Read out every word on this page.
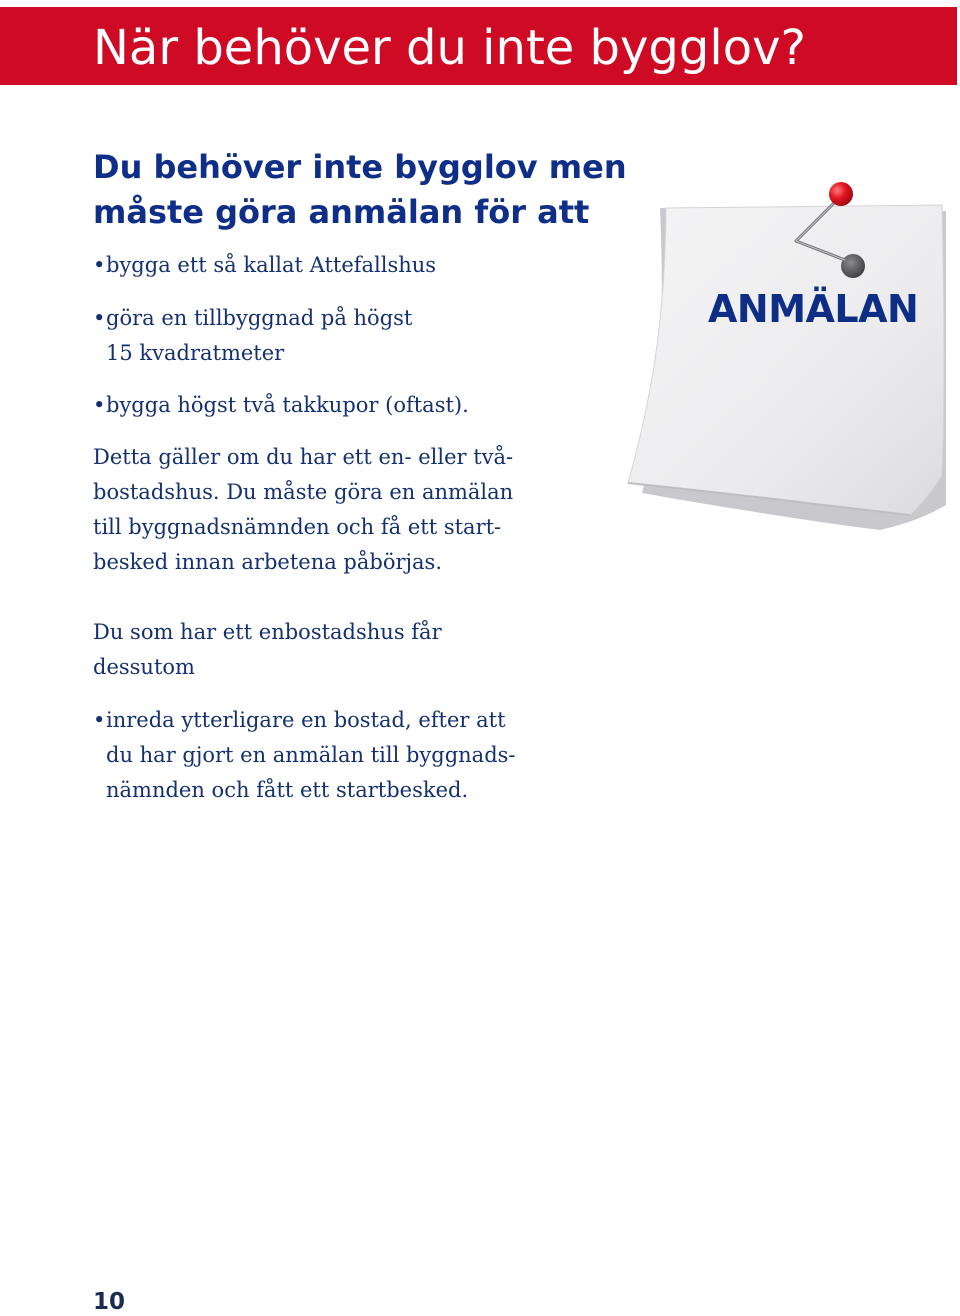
När behöver du inte bygglov?
Du behöver inte bygglov men
måste göra anmälan för att
•bygga ett så kallat Attefallshus
•göra en tillbyggnad på högst
15 kvadratmeter
•bygga högst två takkupor (oftast).

Detta gäller om du har ett en- eller två-
bostadshus. Du måste göra en anmälan
till byggnadsnämnden och få ett start-
besked innan arbetena påbörjas.

Du som har ett enbostadshus får
dessutom

•inreda ytterligare en bostad, efter att
du har gjort en anmälan till byggnads-
nämnden och fått ett startbesked.
ANMÄLAN
10
